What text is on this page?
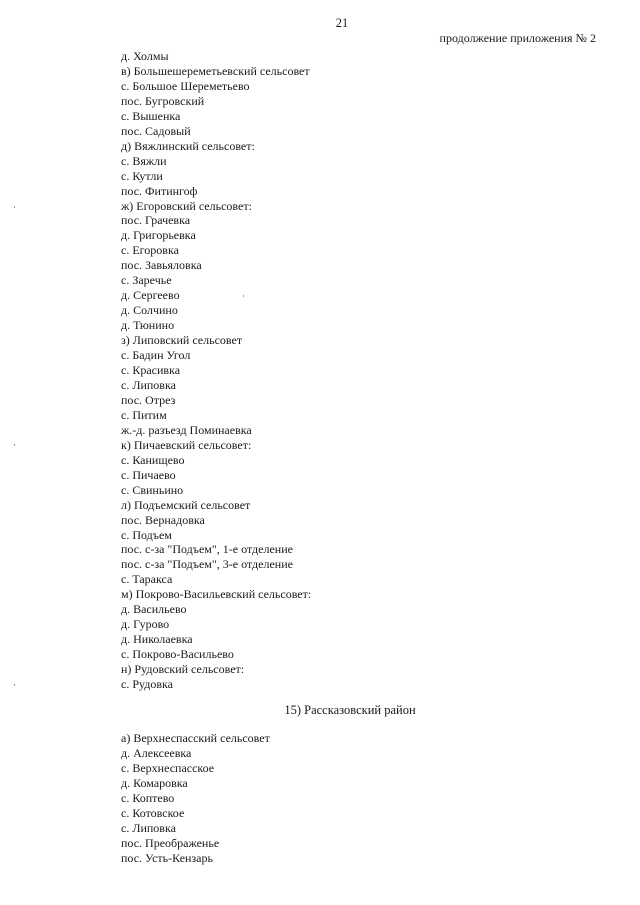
21
продолжение приложения № 2
д. Холмы
в) Большешереметьевский сельсовет
с. Большое Шереметьево
пос. Бугровский
с. Вышенка
пос. Садовый
д) Вяжлинский сельсовет:
с. Вяжли
с. Кутли
пос. Фитингоф
ж) Егоровский сельсовет:
пос. Грачевка
д. Григорьевка
с. Егоровка
пос. Завьяловка
с. Заречье
д. Сергеево
д. Солчино
д. Тюнино
з) Липовский сельсовет
с. Бадин Угол
с. Красивка
с. Липовка
пос. Отрез
с. Питим
ж.-д. разъезд Поминаевка
к) Пичаевский сельсовет:
с. Канищево
с. Пичаево
с. Свиньино
л) Подъемский сельсовет
пос. Вернадовка
с. Подъем
пос. с-за "Подъем", 1-е отделение
пос. с-за "Подъем", 3-е отделение
с. Таракса
м) Покрово-Васильевский сельсовет:
д. Васильево
д. Гурово
д. Николаевка
с. Покрово-Васильево
н) Рудовский сельсовет:
с. Рудовка
15) Рассказовский район
а) Верхнеспасский сельсовет
д. Алексеевка
с. Верхнеспасское
д. Комаровка
с. Коптево
с. Котовское
с. Липовка
пос. Преображенье
пос. Усть-Кензарь
